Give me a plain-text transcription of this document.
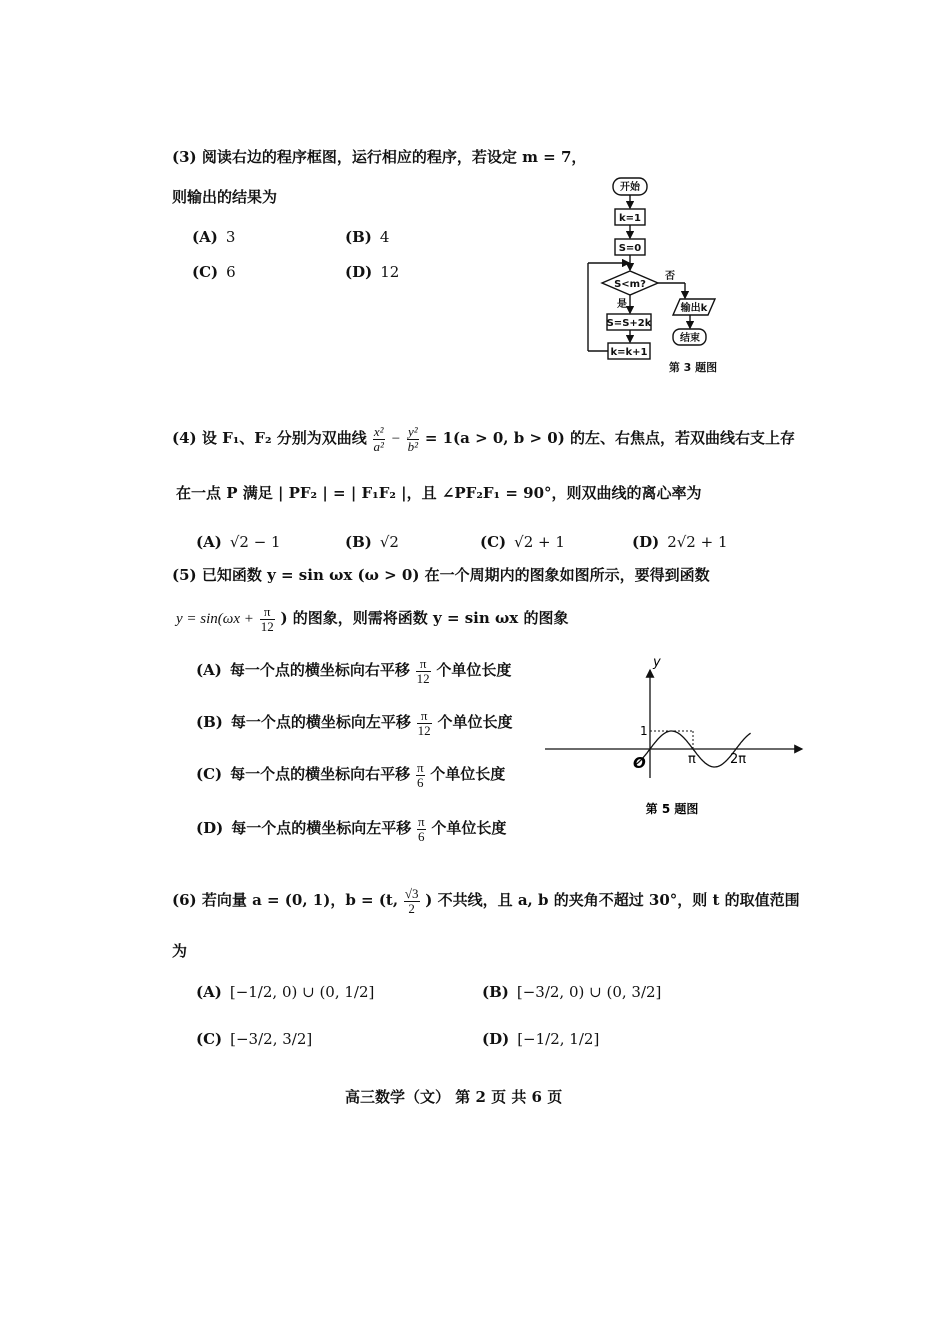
(3) 阅读右边的程序框图，运行相应的程序，若设定 m = 7，
则输出的结果为
(A) 3	(B) 4
(C) 6	(D) 12
开始
k=1
S=0
S<m?
否
输出k
结束
是
S=S+2k
k=k+1
第 3 题图
(4) 设 F₁、F₂ 分别为双曲线 $\frac{\text{x²}}{\text{a²}} - \frac{\text{y²}}{\text{b²}} = 1(a > 0$, b > 0) 的左、右焦点，若双曲线右支上存
在一点 P 满足 | PF₂ | = | F₁F₂ |，且 ∠PF₂F₁ = 90°，则双曲线的离心率为
(A) √2 − 1	(B) √2	(C) √2 + 1	(D) 2√2 + 1
(5) 已知函数 y = sin ωx (ω > 0) 在一个周期内的图象如图所示，要得到函数
$y = \sin(\omega x + \frac{\pi}{12}$ ) 的图象，则需将函数 y = sin ωx 的图象
(A) 每一个点的横坐标向右平移 $\frac{\pi}{12}$ 个单位长度
(B) 每一个点的横坐标向左平移 $\frac{\pi}{12}$ 个单位长度
(C) 每一个点的横坐标向右平移 $\frac{\pi}{6}$ 个单位长度
(D) 每一个点的横坐标向左平移 $\frac{\pi}{6}$ 个单位长度
y
O
1
π	2π
第 5 题图
(6) 若向量 a = (0, 1)，b = (t, $\frac{√3}{2}$ ) 不共线，且 a, b 的夹角不超过 30°，则 t 的取值范围
为
(A) [−1/2, 0) ∪ (0, 1/2]	(B) [−3/2, 0) ∪ (0, 3/2]
(C) [−3/2, 3/2]	(D) [−1/2, 1/2]
高三数学（文） 第 2 页 共 6 页
